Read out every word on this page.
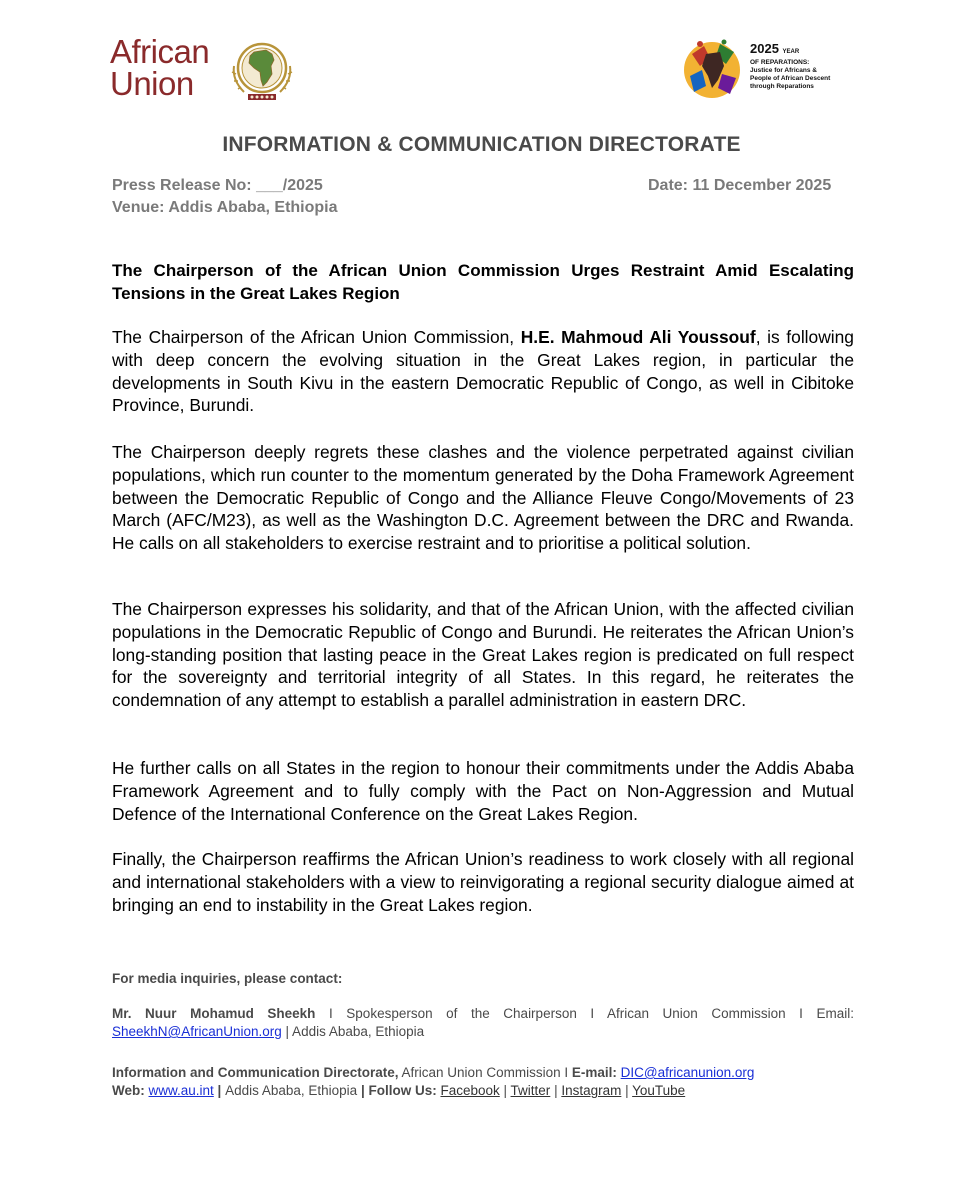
African
Union
2025 YEAR
OF REPARATIONS:
Justice for Africans &
People of African Descent
through Reparations
INFORMATION & COMMUNICATION DIRECTORATE
Press Release No: ___/2025
Venue: Addis Ababa, Ethiopia
Date: 11 December 2025
The Chairperson of the African Union Commission Urges Restraint Amid Escalating Tensions in the Great Lakes Region

The Chairperson of the African Union Commission, H.E. Mahmoud Ali Youssouf, is following with deep concern the evolving situation in the Great Lakes region, in particular the developments in South Kivu in the eastern Democratic Republic of Congo, as well in Cibitoke Province, Burundi.

The Chairperson deeply regrets these clashes and the violence perpetrated against civilian populations, which run counter to the momentum generated by the Doha Framework Agreement between the Democratic Republic of Congo and the Alliance Fleuve Congo/Movements of 23 March (AFC/M23), as well as the Washington D.C. Agreement between the DRC and Rwanda. He calls on all stakeholders to exercise restraint and to prioritise a political solution.

The Chairperson expresses his solidarity, and that of the African Union, with the affected civilian populations in the Democratic Republic of Congo and Burundi. He reiterates the African Union’s long-standing position that lasting peace in the Great Lakes region is predicated on full respect for the sovereignty and territorial integrity of all States. In this regard, he reiterates the condemnation of any attempt to establish a parallel administration in eastern DRC.

He further calls on all States in the region to honour their commitments under the Addis Ababa Framework Agreement and to fully comply with the Pact on Non-Aggression and Mutual Defence of the International Conference on the Great Lakes Region.

Finally, the Chairperson reaffirms the African Union’s readiness to work closely with all regional and international stakeholders with a view to reinvigorating a regional security dialogue aimed at bringing an end to instability in the Great Lakes region.

For media inquiries, please contact:
Mr. Nuur Mohamud Sheekh I Spokesperson of the Chairperson I African Union Commission I Email: SheekhN@AfricanUnion.org | Addis Ababa, Ethiopia
Information and Communication Directorate, African Union Commission I E-mail: DIC@africanunion.org
Web: www.au.int | Addis Ababa, Ethiopia | Follow Us: Facebook | Twitter | Instagram | YouTube
